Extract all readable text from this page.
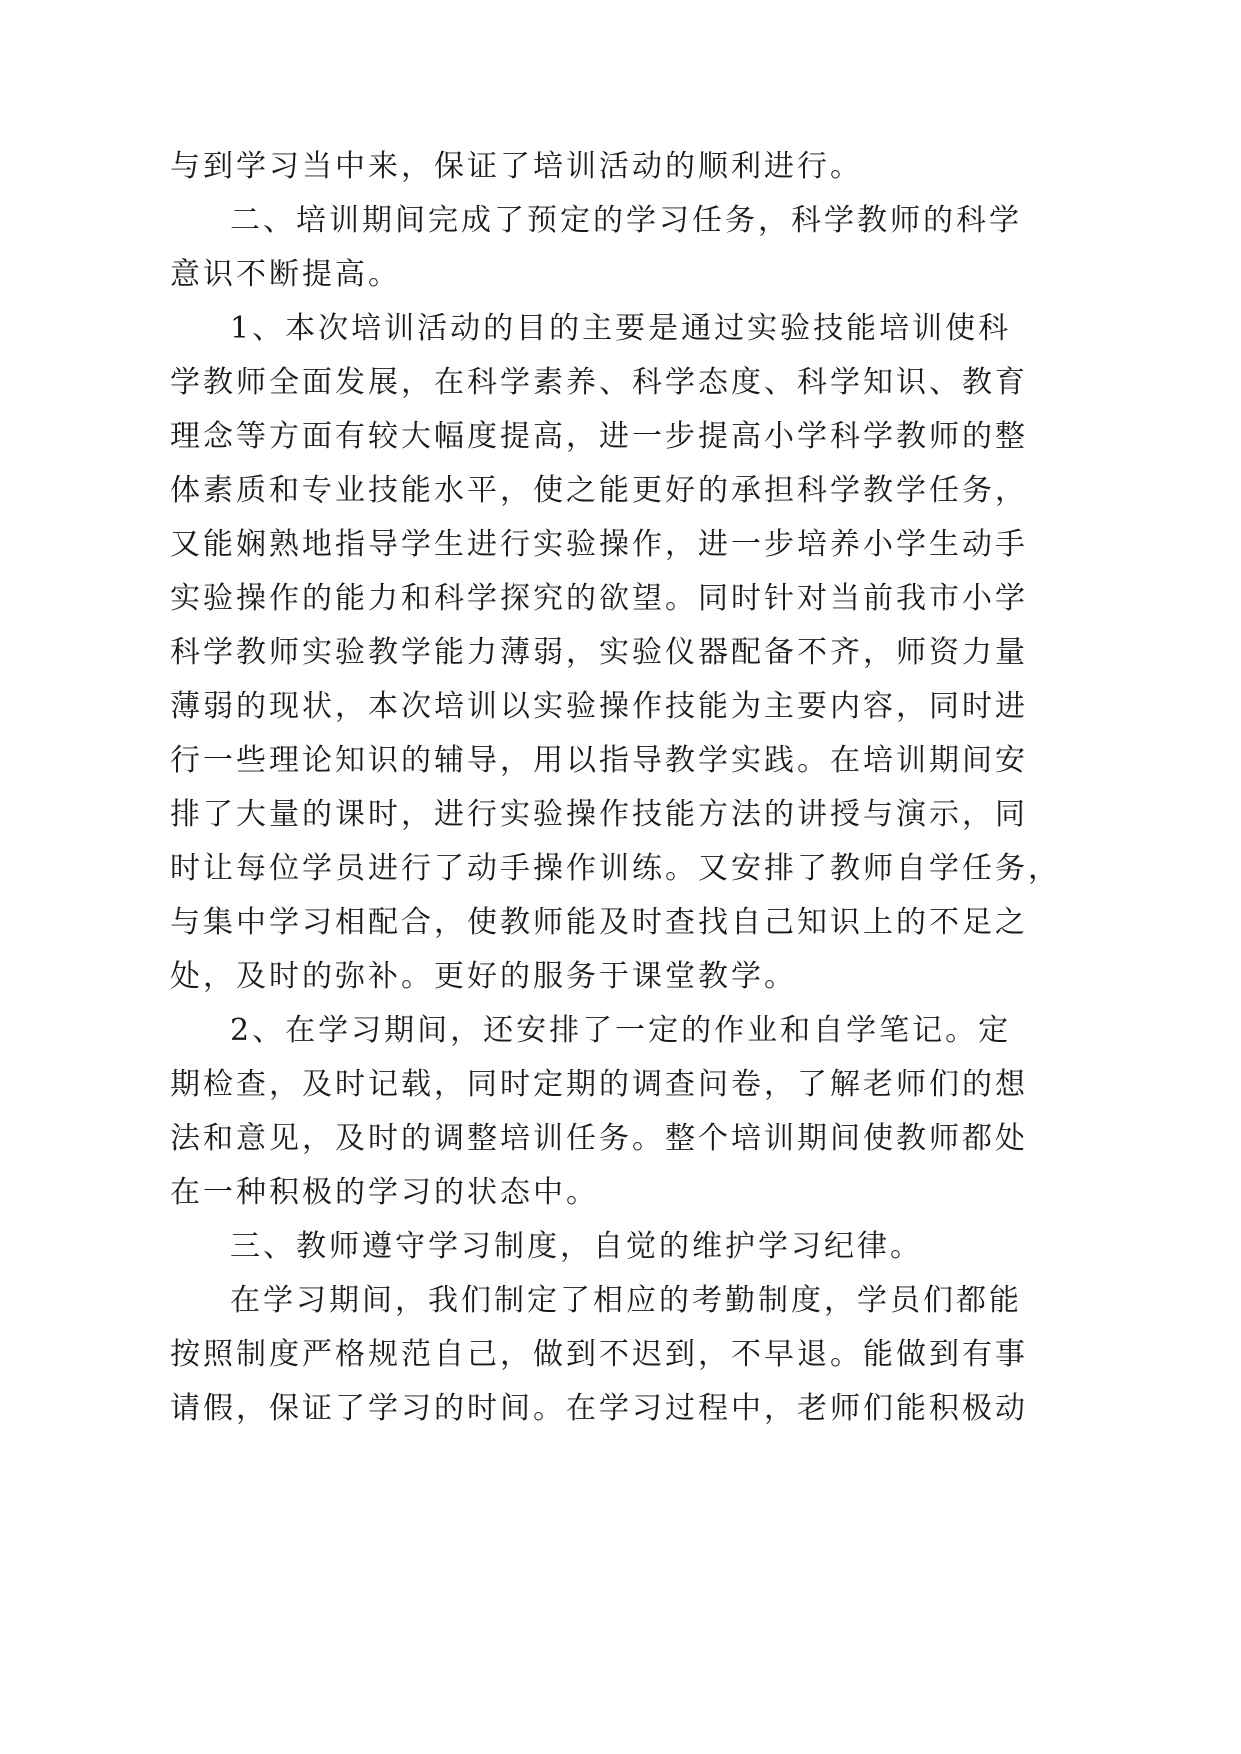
与到学习当中来，保证了培训活动的顺利进行。
二、培训期间完成了预定的学习任务，科学教师的科学
意识不断提高。
1、本次培训活动的目的主要是通过实验技能培训使科
学教师全面发展，在科学素养、科学态度、科学知识、教育
理念等方面有较大幅度提高，进一步提高小学科学教师的整
体素质和专业技能水平，使之能更好的承担科学教学任务，
又能娴熟地指导学生进行实验操作，进一步培养小学生动手
实验操作的能力和科学探究的欲望。同时针对当前我市小学
科学教师实验教学能力薄弱，实验仪器配备不齐，师资力量
薄弱的现状，本次培训以实验操作技能为主要内容，同时进
行一些理论知识的辅导，用以指导教学实践。在培训期间安
排了大量的课时，进行实验操作技能方法的讲授与演示，同
时让每位学员进行了动手操作训练。又安排了教师自学任务，
与集中学习相配合，使教师能及时查找自己知识上的不足之
处，及时的弥补。更好的服务于课堂教学。
2、在学习期间，还安排了一定的作业和自学笔记。定
期检查，及时记载，同时定期的调查问卷，了解老师们的想
法和意见，及时的调整培训任务。整个培训期间使教师都处
在一种积极的学习的状态中。
三、教师遵守学习制度，自觉的维护学习纪律。
在学习期间，我们制定了相应的考勤制度，学员们都能
按照制度严格规范自己，做到不迟到，不早退。能做到有事
请假，保证了学习的时间。在学习过程中，老师们能积极动
